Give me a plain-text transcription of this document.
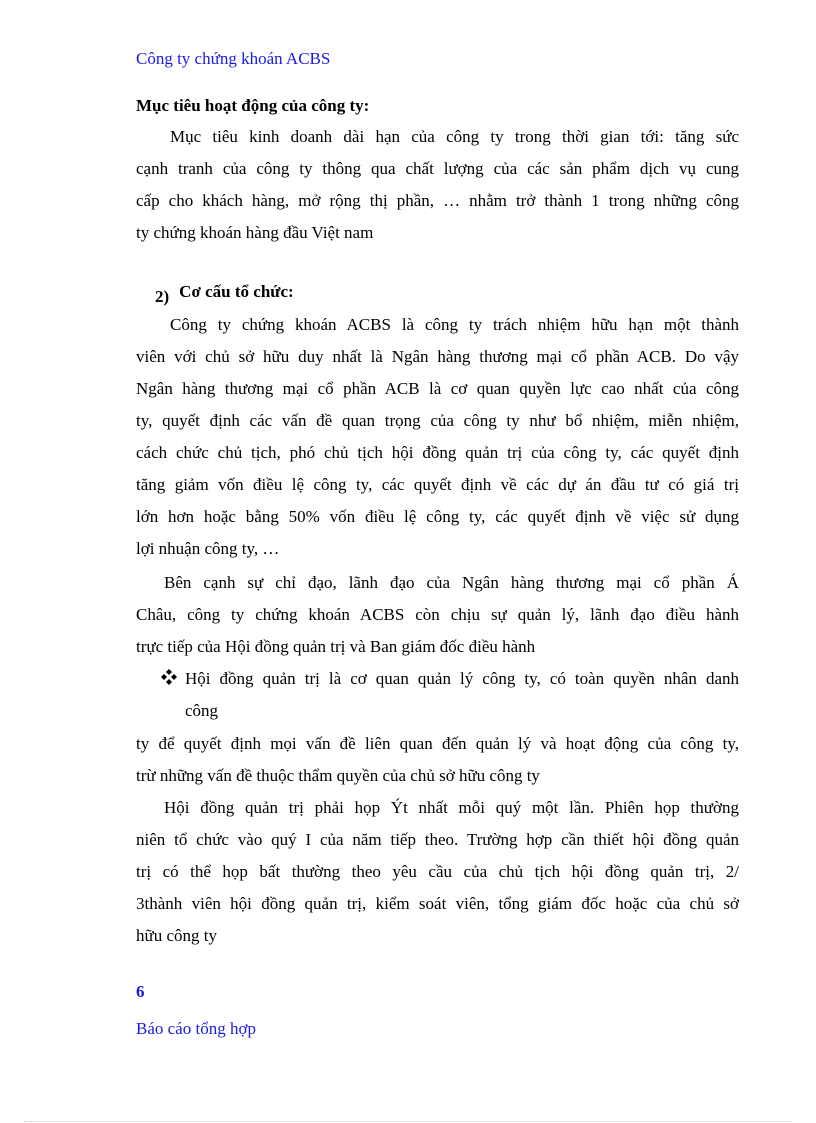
Công ty chứng khoán ACBS

Mục tiêu hoạt động của công ty:

Mục tiêu kinh doanh dài hạn của công ty trong thời gian tới: tăng sức
cạnh tranh của công ty thông qua chất lượng của các sản phẩm dịch vụ cung
cấp cho khách hàng, mở rộng thị phần, … nhằm trở thành 1 trong những công
ty chứng khoán hàng đầu Việt nam

2) Cơ cấu tổ chức:

Công ty chứng khoán ACBS là công ty trách nhiệm hữu hạn một thành
viên với chủ sở hữu duy nhất là Ngân hàng thương mại cổ phần ACB. Do vậy
Ngân hàng thương mại cổ phần ACB là cơ quan quyền lực cao nhất của công
ty, quyết định các vấn đề quan trọng của công ty như bổ nhiệm, miễn nhiệm,
cách chức chủ tịch, phó chủ tịch hội đồng quản trị của công ty, các quyết định
tăng giảm vốn điều lệ công ty, các quyết định về các dự án đầu tư có giá trị
lớn hơn hoặc bằng 50% vốn điều lệ công ty, các quyết định về việc sử dụng
lợi nhuận công ty, …
Bên cạnh sự chỉ đạo, lãnh đạo của Ngân hàng thương mại cổ phần Á
Châu, công ty chứng khoán ACBS còn chịu sự quản lý, lãnh đạo điều hành
trực tiếp của Hội đồng quản trị và Ban giám đốc điều hành
Hội đồng quản trị là cơ quan quản lý công ty, có toàn quyền nhân danh
công
ty để quyết định mọi vấn đề liên quan đến quản lý và hoạt động của công ty,
trừ những vấn đề thuộc thẩm quyền của chủ sở hữu công ty
Hội đồng quản trị phải họp Ýt nhất mỗi quý một lần. Phiên họp thường
niên tổ chức vào quý I của năm tiếp theo. Trường hợp cần thiết hội đồng quản
trị có thể họp bất thường theo yêu cầu của chủ tịch hội đồng quản trị, 2/
3thành viên hội đồng quản trị, kiểm soát viên, tổng giám đốc hoặc của chủ sở
hữu công ty

6

Báo cáo tổng hợp
